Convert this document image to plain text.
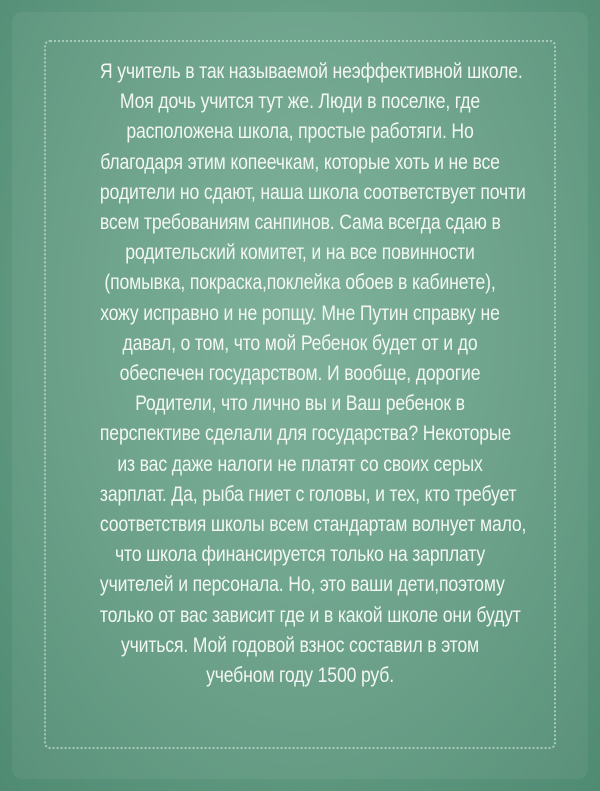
Я учитель в так называемой неэффективной школе.
Моя дочь учится тут же. Люди в поселке, где
расположена школа, простые работяги. Но
благодаря этим копеечкам, которые хоть и не все
родители но сдают, наша школа соответствует почти
всем требованиям санпинов. Сама всегда сдаю в
родительский комитет, и на все повинности
(помывка, покраска,поклейка обоев в кабинете),
хожу исправно и не ропщу. Мне Путин справку не
давал, о том, что мой Ребенок будет от и до
обеспечен государством. И вообще, дорогие
Родители, что лично вы и Ваш ребенок в
перспективе сделали для государства? Некоторые
из вас даже налоги не платят со своих серых
зарплат. Да, рыба гниет с головы, и тех, кто требует
соответствия школы всем стандартам волнует мало,
что школа финансируется только на зарплату
учителей и персонала. Но, это ваши дети,поэтому
только от вас зависит где и в какой школе они будут
учиться. Мой годовой взнос составил в этом
учебном году 1500 руб.
